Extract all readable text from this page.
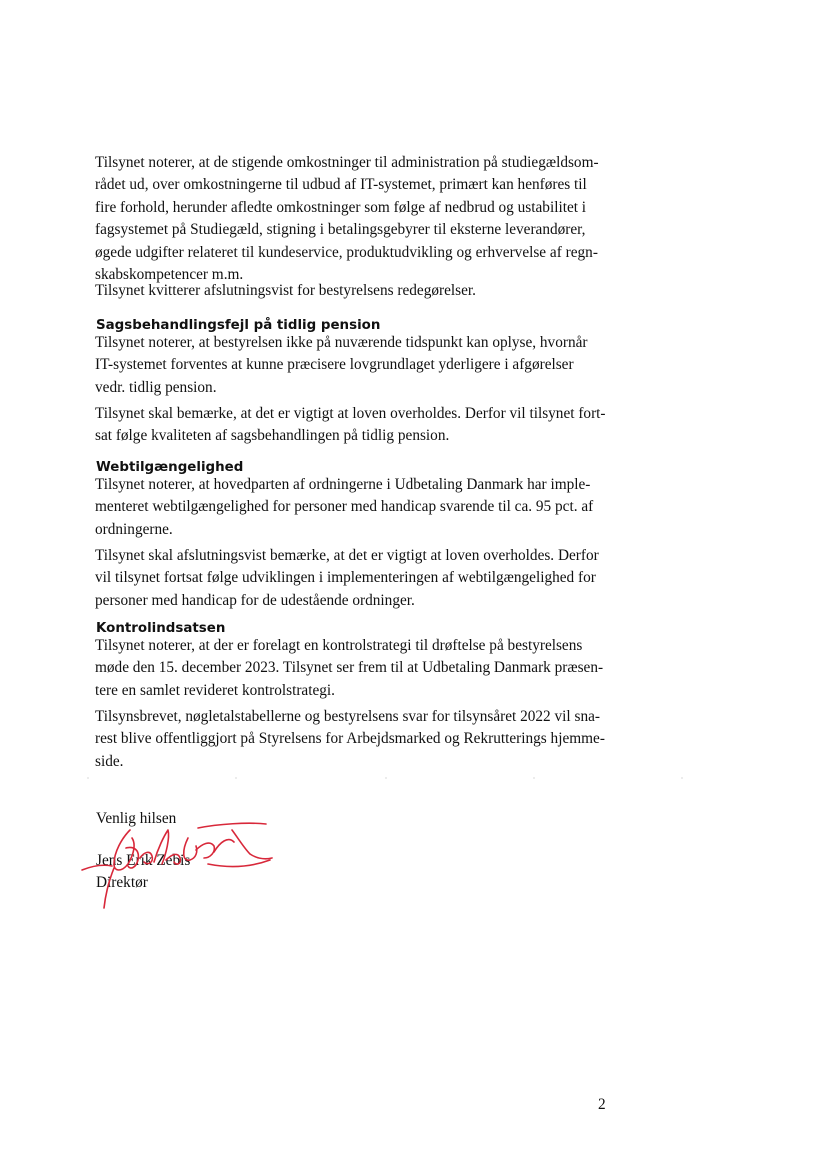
Tilsynet noterer, at de stigende omkostninger til administration på studiegældsom-
rådet ud, over omkostningerne til udbud af IT-systemet, primært kan henføres til
fire forhold, herunder afledte omkostninger som følge af nedbrud og ustabilitet i
fagsystemet på Studiegæld, stigning i betalingsgebyrer til eksterne leverandører,
øgede udgifter relateret til kundeservice, produktudvikling og erhvervelse af regn-
skabskompetencer m.m.
Tilsynet kvitterer afslutningsvist for bestyrelsens redegørelser.
Sagsbehandlingsfejl på tidlig pension
Tilsynet noterer, at bestyrelsen ikke på nuværende tidspunkt kan oplyse, hvornår
IT-systemet forventes at kunne præcisere lovgrundlaget yderligere i afgørelser
vedr. tidlig pension.
Tilsynet skal bemærke, at det er vigtigt at loven overholdes. Derfor vil tilsynet fort-
sat følge kvaliteten af sagsbehandlingen på tidlig pension.
Webtilgængelighed
Tilsynet noterer, at hovedparten af ordningerne i Udbetaling Danmark har imple-
menteret webtilgængelighed for personer med handicap svarende til ca. 95 pct. af
ordningerne.
Tilsynet skal afslutningsvist bemærke, at det er vigtigt at loven overholdes. Derfor
vil tilsynet fortsat følge udviklingen i implementeringen af webtilgængelighed for
personer med handicap for de udestående ordninger.
Kontrolindsatsen
Tilsynet noterer, at der er forelagt en kontrolstrategi til drøftelse på bestyrelsens
møde den 15. december 2023. Tilsynet ser frem til at Udbetaling Danmark præsen-
tere en samlet revideret kontrolstrategi.
Tilsynsbrevet, nøgletalstabellerne og bestyrelsens svar for tilsynsåret 2022 vil sna-
rest blive offentliggjort på Styrelsens for Arbejdsmarked og Rekrutterings hjemme-
side.
Venlig hilsen
Jens Erik Zebis
Direktør
2
